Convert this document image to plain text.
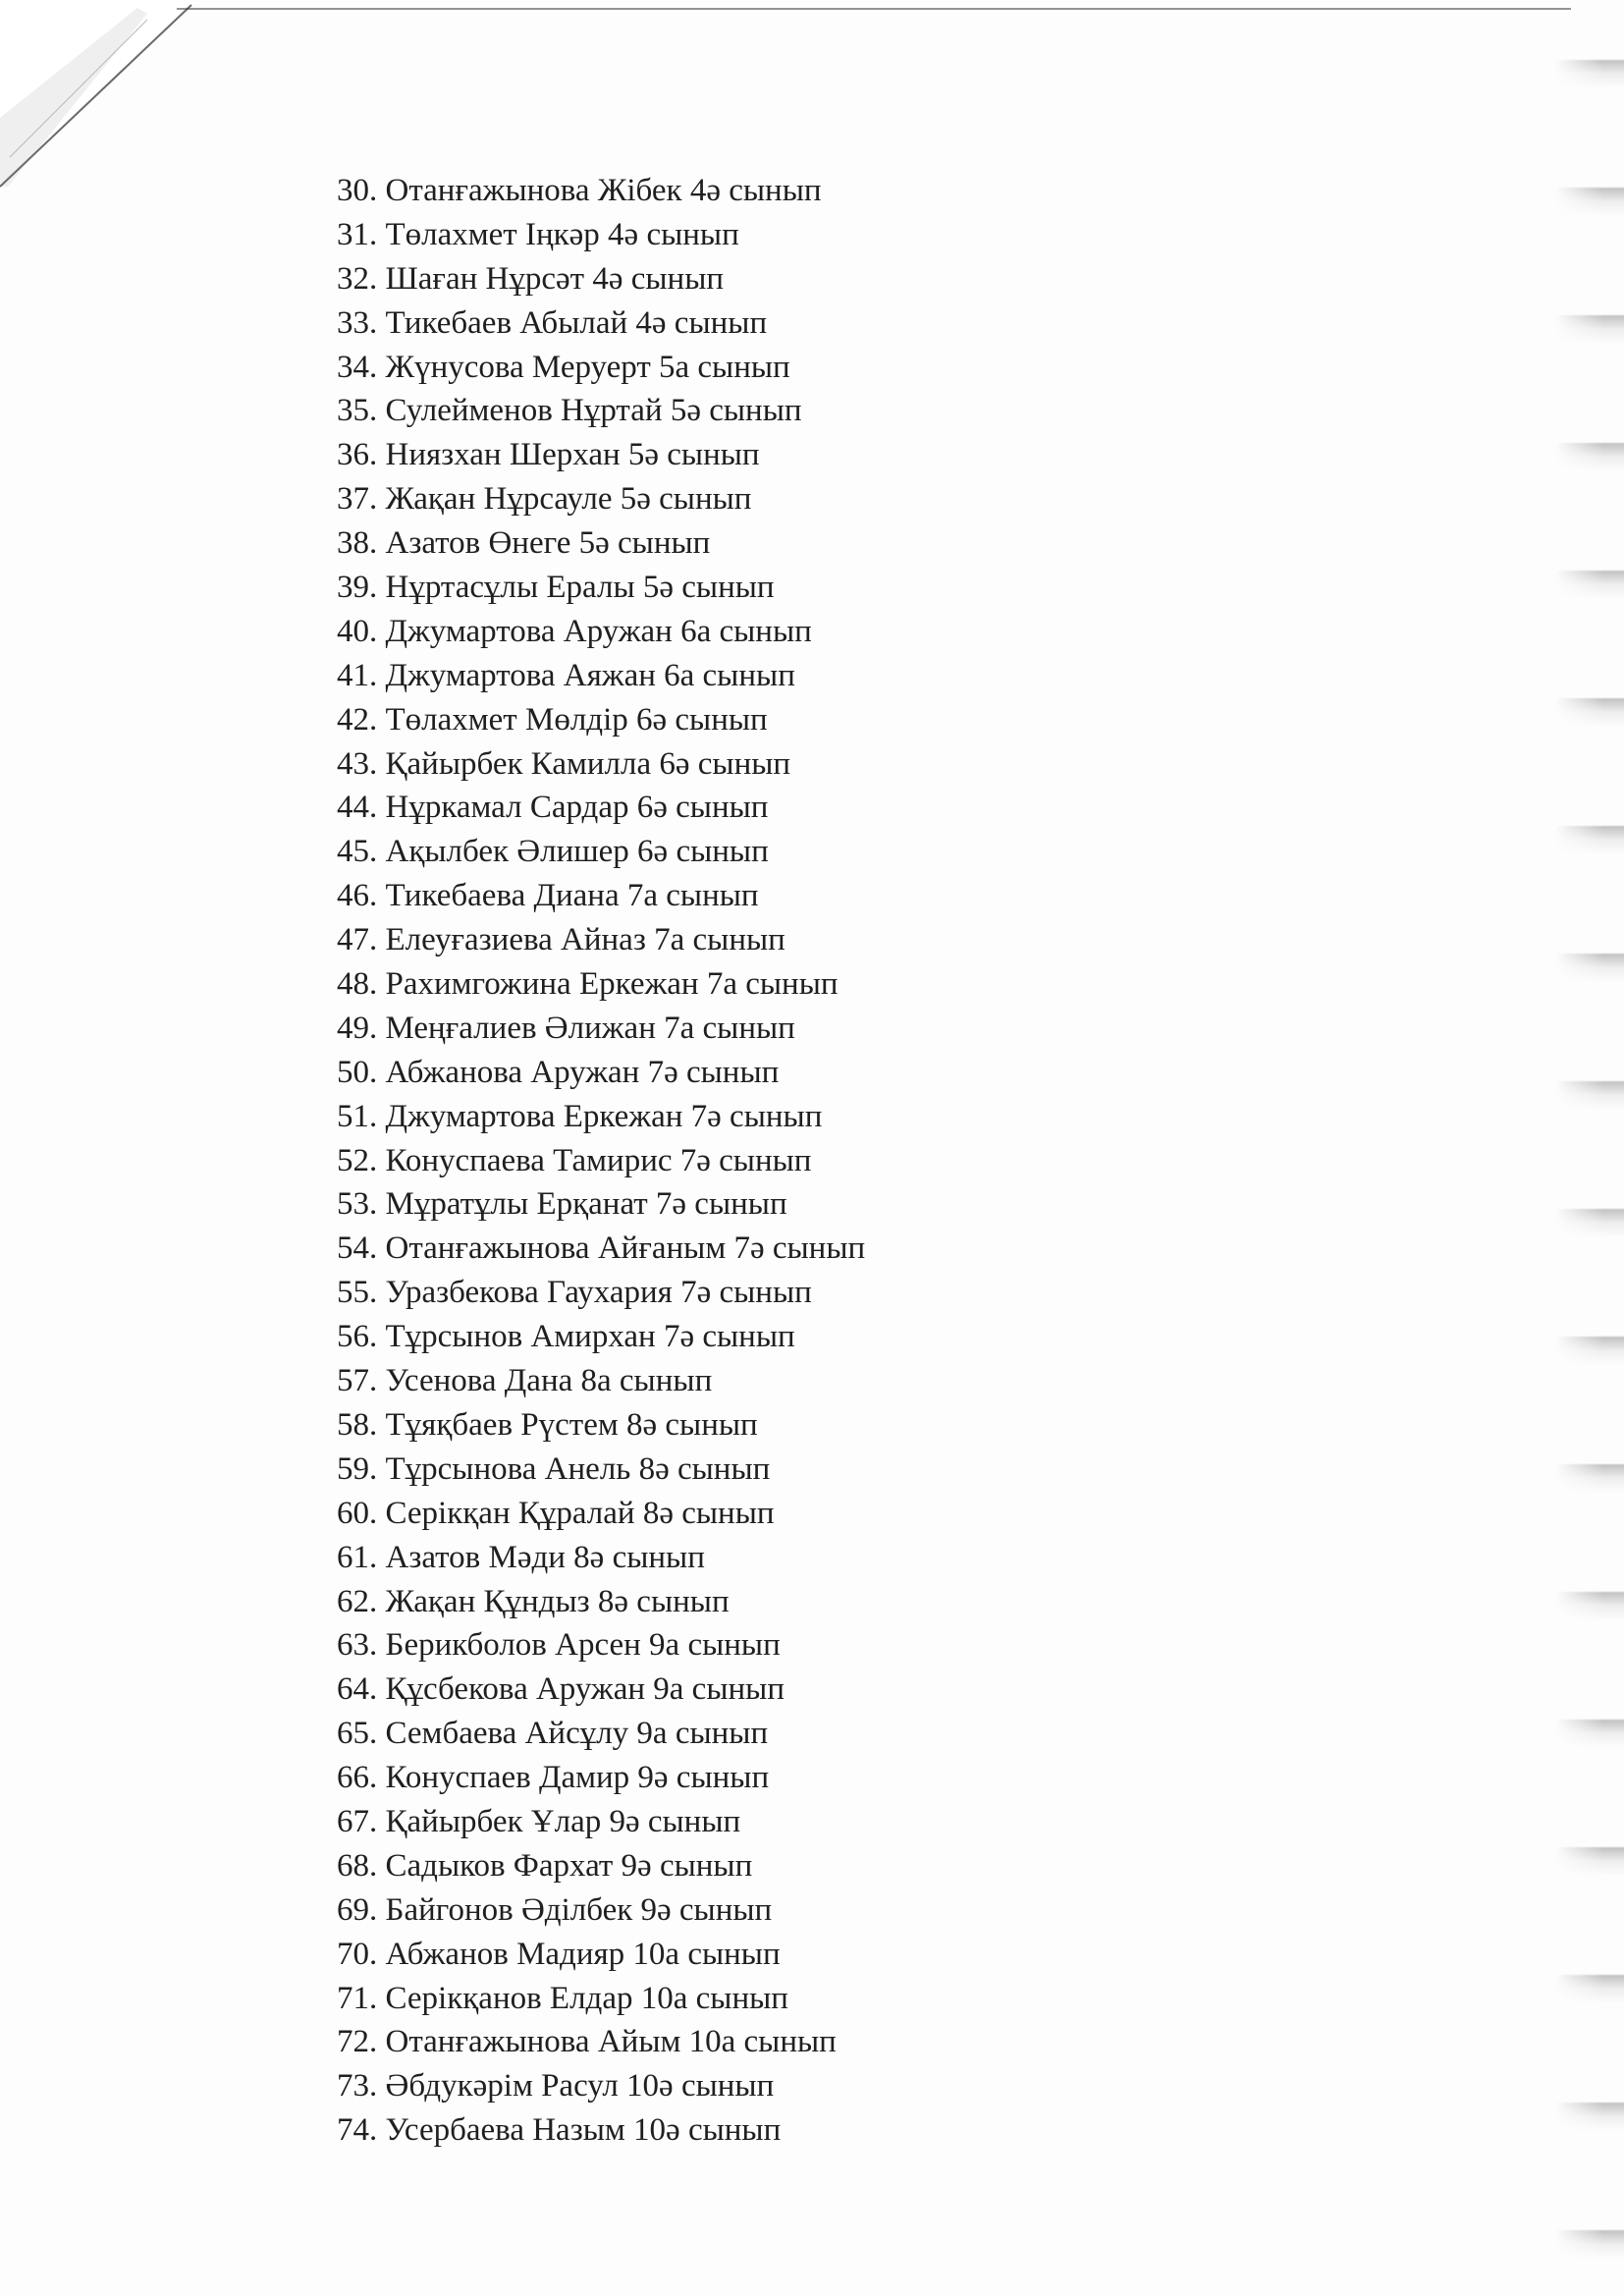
30. Отанғажынова Жібек 4ә сынып
31. Төлахмет Іңкәр 4ә сынып
32. Шаған Нұрсәт 4ә сынып
33. Тикебаев Абылай 4ә сынып
34. Жүнусова Меруерт 5а сынып
35. Сулейменов Нұртай 5ә сынып
36. Ниязхан Шерхан 5ә сынып
37. Жақан Нұрсауле 5ә сынып
38. Азатов Өнеге 5ә сынып
39. Нұртасұлы Ералы 5ә сынып
40. Джумартова Аружан 6а сынып
41. Джумартова Аяжан 6а сынып
42. Төлахмет Мөлдір 6ә сынып
43. Қайырбек Камилла 6ә сынып
44. Нұркамал Сардар 6ә сынып
45. Ақылбек Әлишер 6ә сынып
46. Тикебаева Диана 7а сынып
47. Елеуғазиева Айназ 7а сынып
48. Рахимгожина Еркежан 7а сынып
49. Меңғалиев Әлижан 7а сынып
50. Абжанова Аружан 7ә сынып
51. Джумартова Еркежан 7ә сынып
52. Конуспаева Тамирис 7ә сынып
53. Мұратұлы Ерқанат 7ә сынып
54. Отанғажынова Айғаным 7ә сынып
55. Уразбекова Гаухария 7ә сынып
56. Тұрсынов Амирхан 7ә сынып
57. Усенова Дана 8а сынып
58. Тұяқбаев Рүстем 8ә сынып
59. Тұрсынова Анель 8ә сынып
60. Серікқан Құралай 8ә сынып
61. Азатов Мәди 8ә сынып
62. Жақан Құндыз 8ә сынып
63. Берикболов Арсен 9а сынып
64. Құсбекова Аружан 9а сынып
65. Сембаева Айсұлу 9а сынып
66. Конуспаев Дамир 9ә сынып
67. Қайырбек Ұлар 9ә сынып
68. Садыков Фархат 9ә сынып
69. Байгонов Әділбек 9ә сынып
70. Абжанов Мадияр 10а сынып
71. Серікқанов Елдар 10а сынып
72. Отанғажынова Айым 10а сынып
73. Әбдукәрім Расул 10ә сынып
74. Усербаева Назым 10ә сынып
